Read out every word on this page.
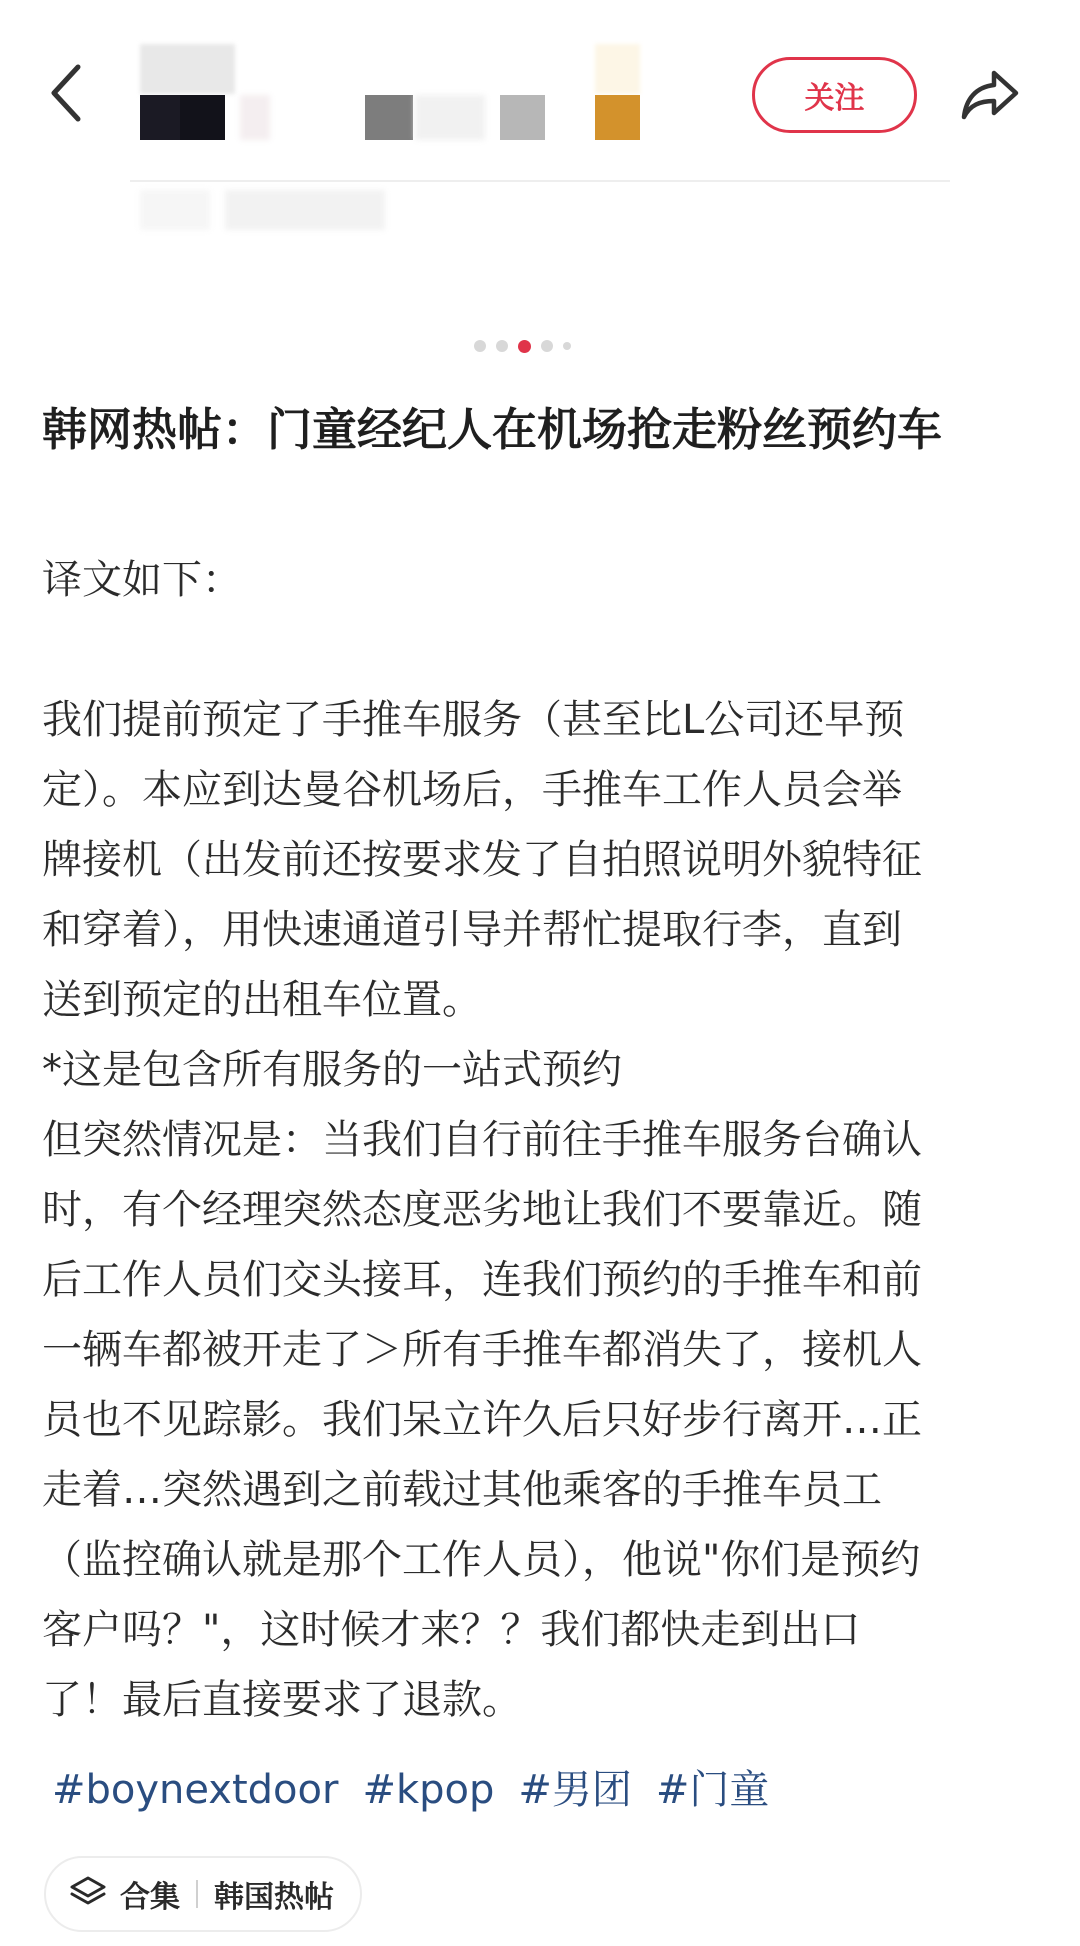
关注
韩网热帖：门童经纪人在机场抢走粉丝预约车

译文如下：

我们提前预定了手推车服务（甚至比L公司还早预

定）。本应到达曼谷机场后，手推车工作人员会举

牌接机（出发前还按要求发了自拍照说明外貌特征

和穿着），用快速通道引导并帮忙提取行李，直到

送到预定的出租车位置。

*这是包含所有服务的一站式预约

但突然情况是：当我们自行前往手推车服务台确认

时，有个经理突然态度恶劣地让我们不要靠近。随

后工作人员们交头接耳，连我们预约的手推车和前

一辆车都被开走了＞所有手推车都消失了，接机人

员也不见踪影。我们呆立许久后只好步行离开…正

走着…突然遇到之前载过其他乘客的手推车员工

（监控确认就是那个工作人员），他说"你们是预约

客户吗？"，这时候才来？？我们都快走到出口

了！最后直接要求了退款。

#boynextdoor #kpop #男团 #门童
合集 韩国热帖
